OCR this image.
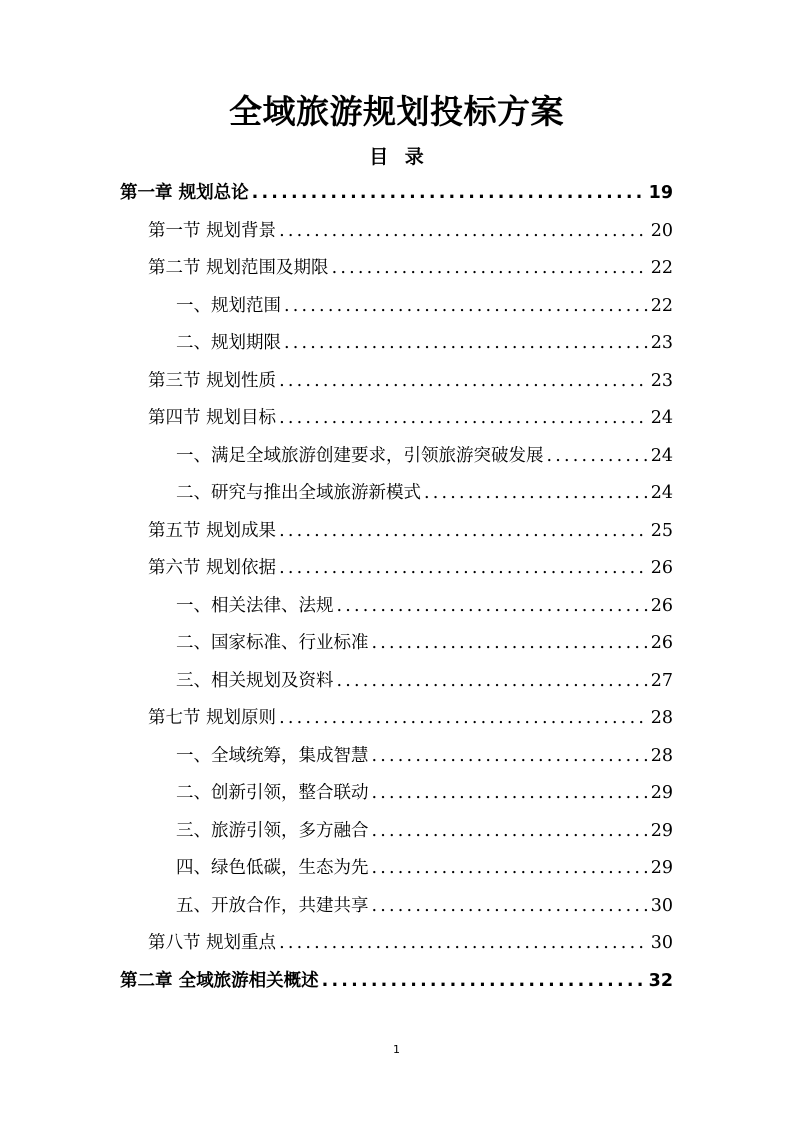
全域旅游规划投标方案
目 录
第一章 规划总论 .....	19
第一节 规划背景 .....	20
第二节 规划范围及期限 .....	22
一、规划范围 .....	22
二、规划期限 .....	23
第三节 规划性质 .....	23
第四节 规划目标 .....	24
一、满足全域旅游创建要求，引领旅游突破发展 .....	24
二、研究与推出全域旅游新模式 .....	24
第五节 规划成果 .....	25
第六节 规划依据 .....	26
一、相关法律、法规 .....	26
二、国家标准、行业标准 .....	26
三、相关规划及资料 .....	27
第七节 规划原则 .....	28
一、全域统筹，集成智慧 .....	28
二、创新引领，整合联动 .....	29
三、旅游引领，多方融合 .....	29
四、绿色低碳，生态为先 .....	29
五、开放合作，共建共享 .....	30
第八节 规划重点 .....	30
第二章 全域旅游相关概述 .....	32
1
